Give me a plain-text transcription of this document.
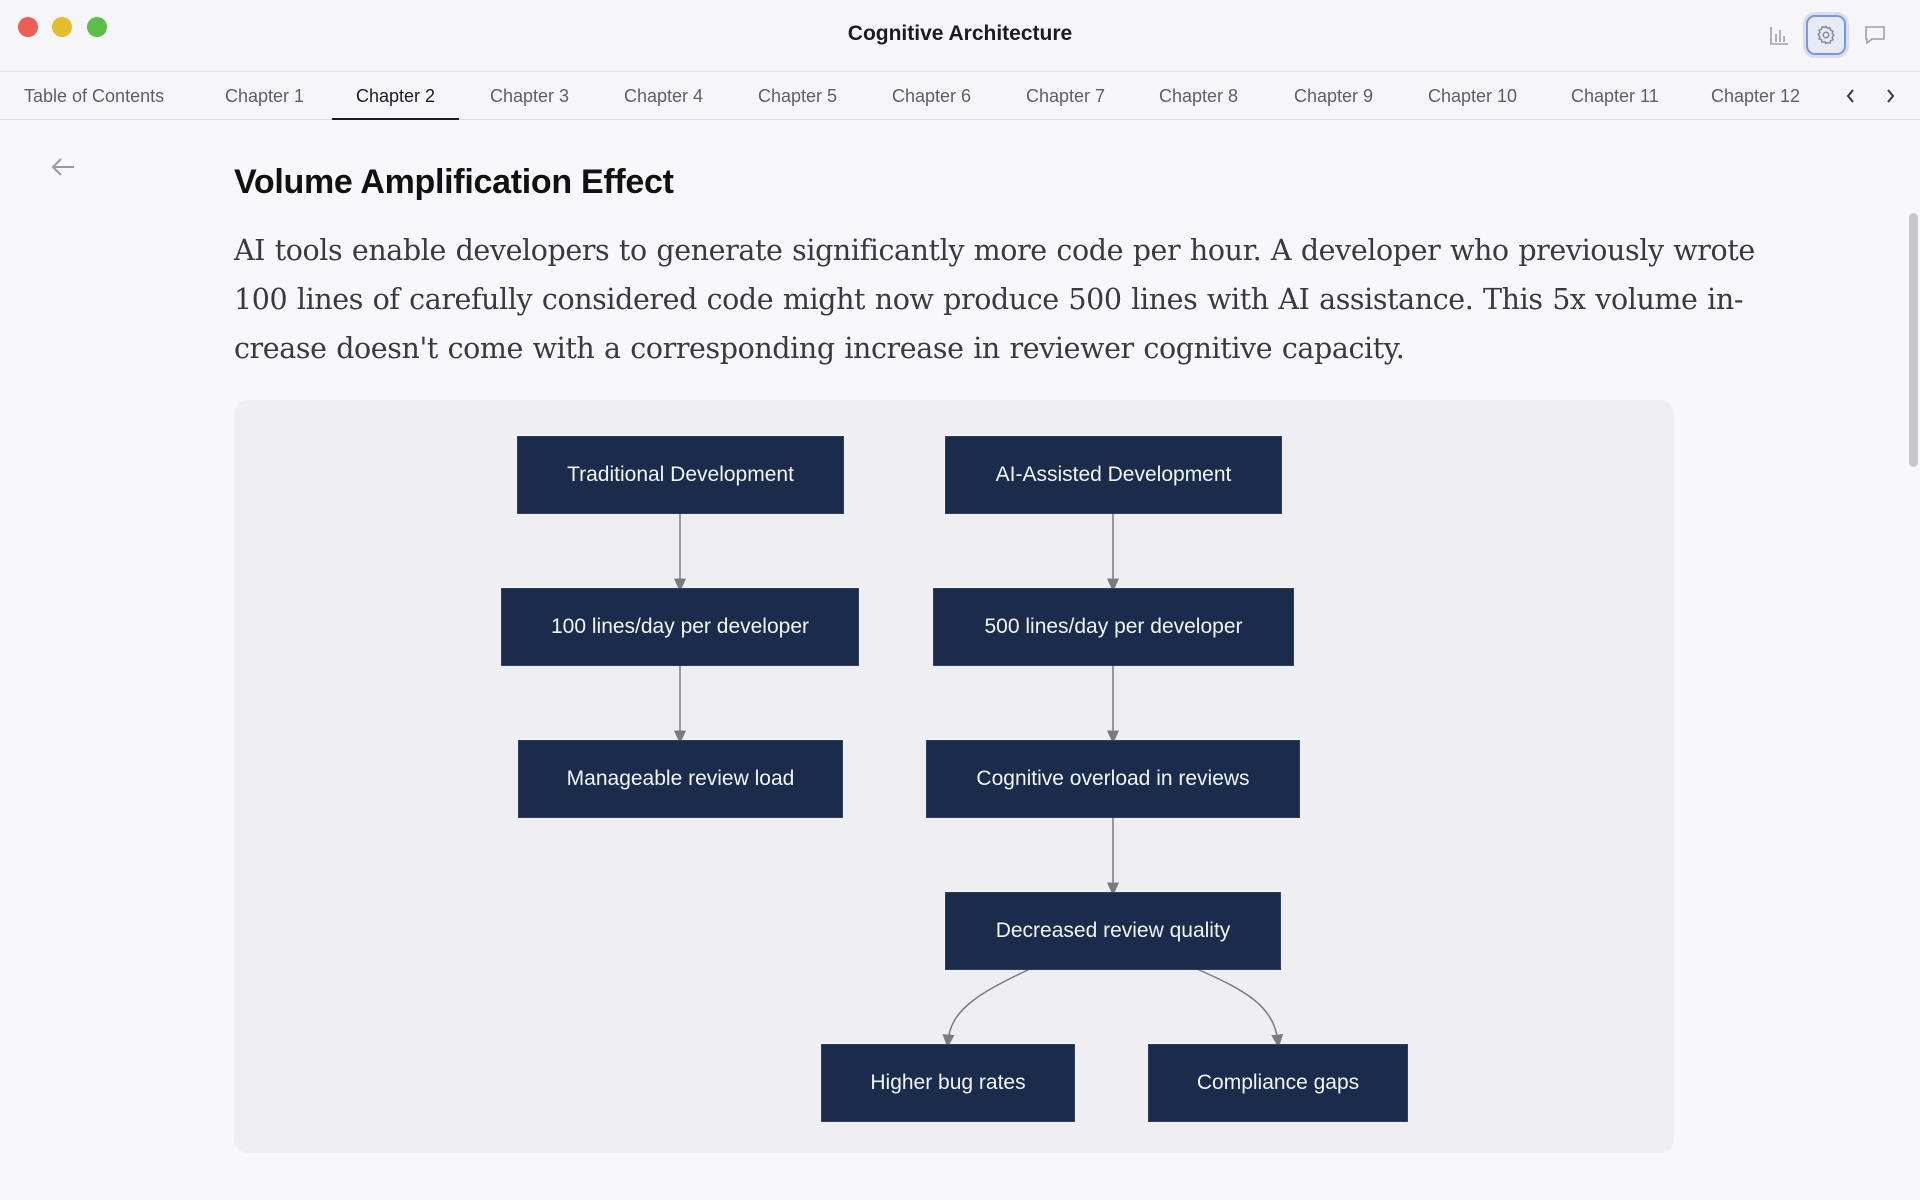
Cognitive Architecture
Table of Contents	Chapter 1	Chapter 2	Chapter 3	Chapter 4	Chapter 5	Chapter 6	Chapter 7	Chapter 8	Chapter 9	Chapter 10	Chapter 11	Chapter 12
Volume Amplification Effect
AI tools enable developers to generate significantly more code per hour. A developer who previously wrote
100 lines of carefully considered code might now produce 500 lines with AI assistance. This 5x volume in-
crease doesn't come with a corresponding increase in reviewer cognitive capacity.
Traditional Development	AI-Assisted Development
100 lines/day per developer	500 lines/day per developer
Manageable review load	Cognitive overload in reviews
Decreased review quality
Higher bug rates	Compliance gaps
